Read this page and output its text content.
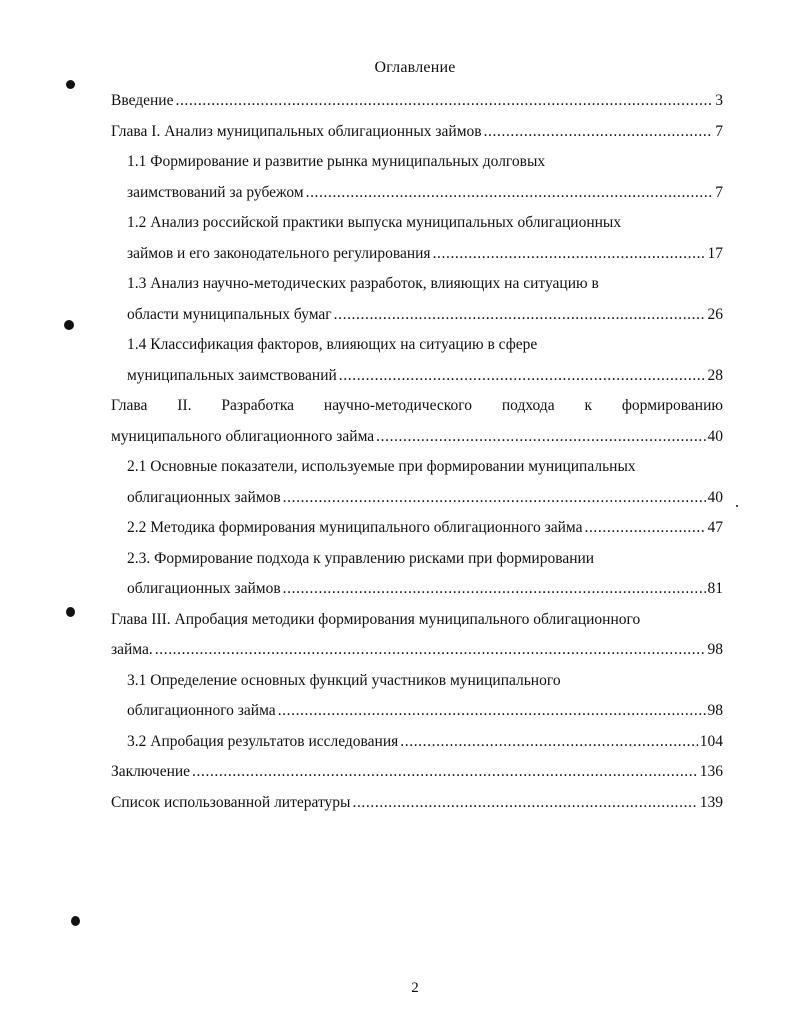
Оглавление
Введение .....	3
Глава I. Анализ муниципальных облигационных займов .....	7
1.1 Формирование и развитие рынка муниципальных долговых
заимствований за рубежом .....	7
1.2 Анализ российской практики выпуска муниципальных облигационных
займов и его законодательного регулирования .....	17
1.3 Анализ научно-методических разработок, влияющих на ситуацию в
области муниципальных бумаг .....	26
1.4 Классификация факторов, влияющих на ситуацию в сфере
муниципальных заимствований .....	28
Глава II. Разработка научно-методического подхода к формированию
муниципального облигационного займа .....	40
2.1 Основные показатели, используемые при формировании муниципальных
облигационных займов .....	40
2.2 Методика формирования муниципального облигационного займа .....	47
2.3. Формирование подхода к управлению рисками при формировании
облигационных займов .....	81
Глава III. Апробация методики формирования муниципального облигационного
займа. .....	98
3.1 Определение основных функций участников муниципального
облигационного займа .....	98
3.2 Апробация результатов исследования .....	104
Заключение .....	136
Список использованной литературы .....	139
2
